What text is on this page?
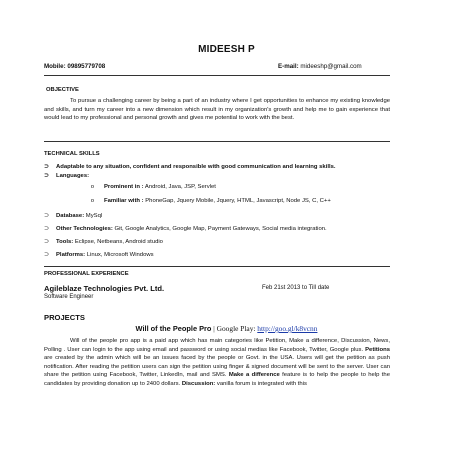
MIDEESH P
Mobile: 09895779708	E-mail: mideeshp@gmail.com
OBJECTIVE
To pursue a challenging career by being a part of an industry where I get opportunities to enhance my existing knowledge and skills, and turn my career into a new dimension which result in my organization's growth and help me to gain experience that would lead to my professional and personal growth and gives me potential to work with the best.
TECHNICAL SKILLS
⊃ Adaptable to any situation, confident and responsible with good communication and learning skills.
⊃ Languages:
o Prominent in : Android, Java, JSP, Servlet
o Familiar with : PhoneGap, Jquery Mobile, Jquery, HTML, Javascript, Node JS, C, C++
⊃ Database: MySql
⊃ Other Technologies: Git, Google Analytics, Google Map, Payment Gateways, Social media integration.
⊃ Tools: Eclipse, Netbeans, Android studio
⊃ Platforms: Linux, Microsoft Windows
PROFESSIONAL EXPERIENCE
Agileblaze Technologies Pvt. Ltd.	Feb 21st 2013 to Till date
Software Engineer
PROJECTS
Will of the People Pro | Google Play: http://goo.gl/k8vcnn
Will of the people pro app is a paid app which has main categories like Petition, Make a difference, Discussion, News, Polling . User can login to the app using email and password or using social medias like Facebook, Twitter, Google plus. Petitions are created by the admin which will be an issues faced by the people or Govt. in the USA. Users will get the petition as push notification. After reading the petition users can sign the petition using finger & signed document will be sent to the server. User can share the petition using Facebook, Twitter, LinkedIn, mail and SMS. Make a difference feature is to help the people to help the candidates by providing donation up to 2400 dollars. Discussion: vanilla forum is integrated with this
